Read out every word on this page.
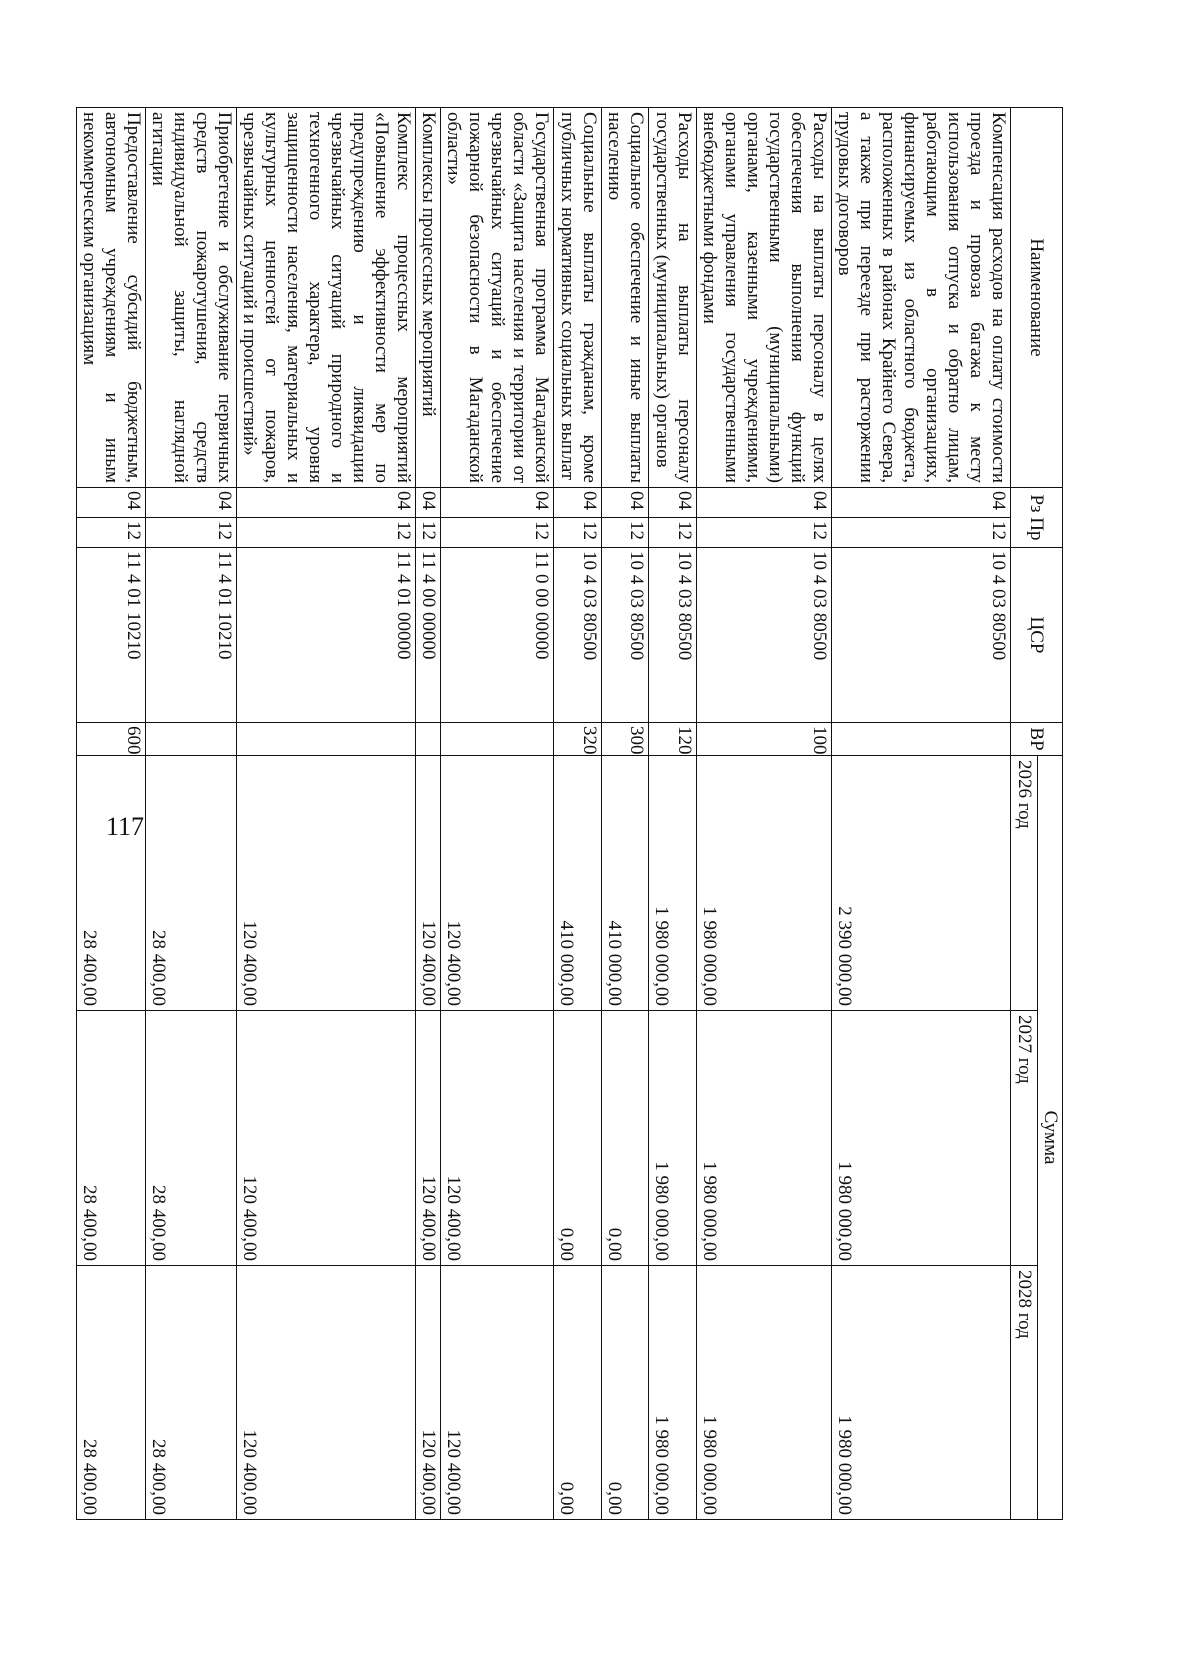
117
Наименование	Рз Пр		ЦСР	ВР	Сумма		
					2026 год	2027 год	2028 год
Компенсация расходов на оплату стоимости проезда и провоза багажа к месту использования отпуска и обратно лицам, работающим в организациях, финансируемых из областного бюджета, расположенных в районах Крайнего Севера, а также при переезде при расторжении трудовых договоров	04	12	10 4 03 80500		2 390 000,00	1 980 000,00	1 980 000,00
Расходы на выплаты персоналу в целях обеспечения выполнения функций государственными (муниципальными) органами, казенными учреждениями, органами управления государственными внебюджетными фондами	04	12	10 4 03 80500	100	1 980 000,00	1 980 000,00	1 980 000,00
Расходы на выплаты персоналу государственных (муниципальных) органов	04	12	10 4 03 80500	120	1 980 000,00	1 980 000,00	1 980 000,00
Социальное обеспечение и иные выплаты населению	04	12	10 4 03 80500	300	410 000,00	0,00	0,00
Социальные выплаты гражданам, кроме публичных нормативных социальных выплат	04	12	10 4 03 80500	320	410 000,00	0,00	0,00
Государственная программа Магаданской области «Защита населения и территории от чрезвычайных ситуаций и обеспечение пожарной безопасности в Магаданской области»	04	12	11 0 00 00000		120 400,00	120 400,00	120 400,00
Комплексы процессных мероприятий	04	12	11 4 00 00000		120 400,00	120 400,00	120 400,00
Комплекс процессных мероприятий «Повышение эффективности мер по предупреждению и ликвидации чрезвычайных ситуаций природного и техногенного характера, уровня защищенности населения, материальных и культурных ценностей от пожаров, чрезвычайных ситуаций и происшествий»	04	12	11 4 01 00000		120 400,00	120 400,00	120 400,00
Приобретение и обслуживание первичных средств пожаротушения, средств индивидуальной защиты, наглядной агитации	04	12	11 4 01 10210		28 400,00	28 400,00	28 400,00
Предоставление субсидий бюджетным, автономным учреждениям и иным некоммерческим организациям	04	12	11 4 01 10210	600	28 400,00	28 400,00	28 400,00
